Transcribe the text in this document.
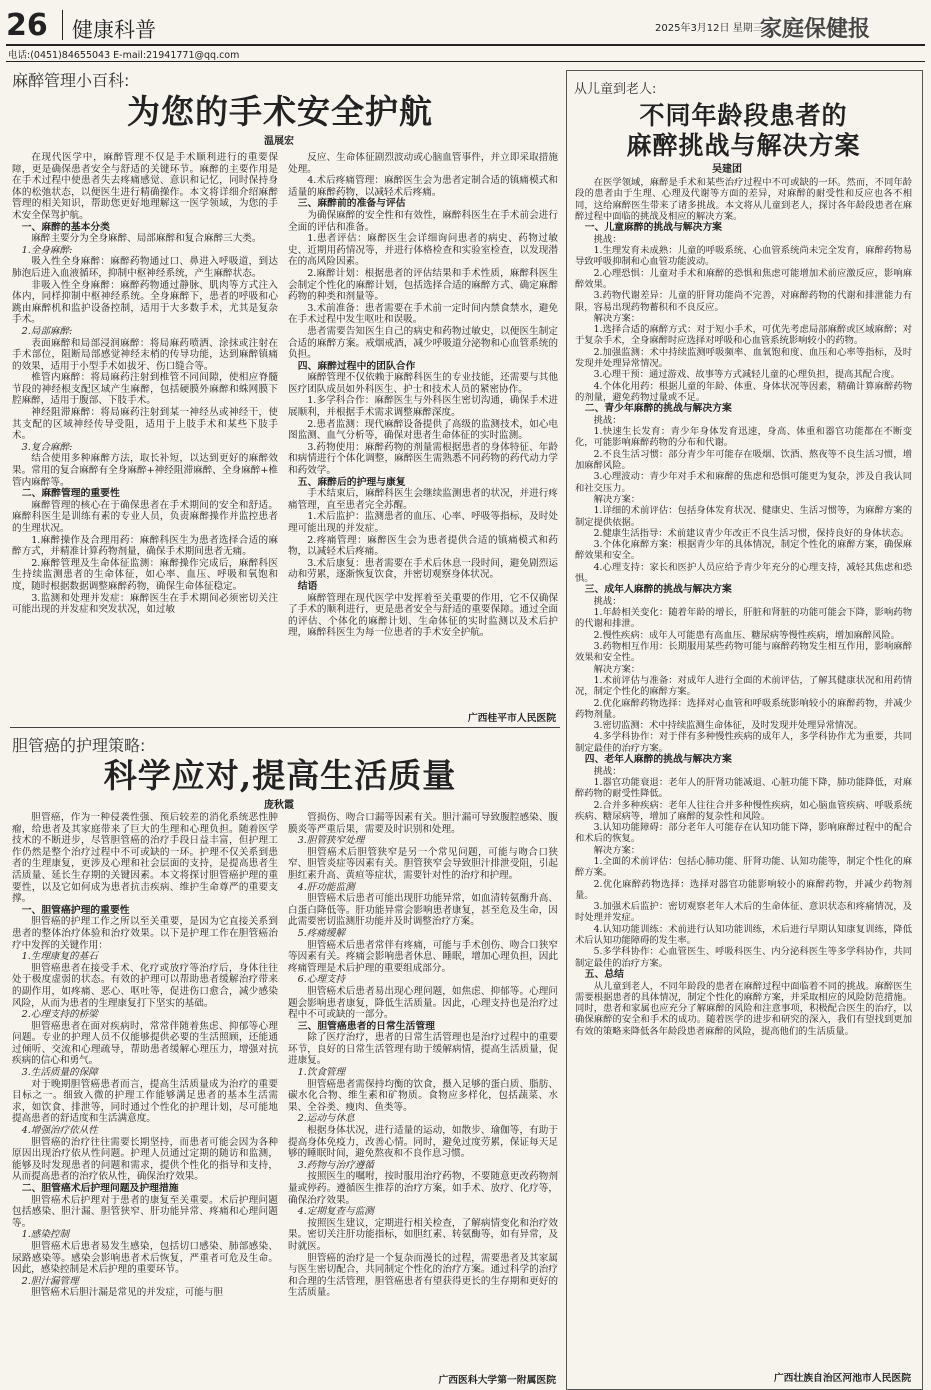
26 健康科普	2025年3月12日 星期三
家庭保健报
电话:(0451)84655043 E-mail:21941771@qq.com
麻醉管理小百科:
为您的手术安全护航
温展宏

在现代医学中，麻醉管理不仅是手术顺利进行的重要保障，更是确保患者安全与舒适的关键环节。麻醉的主要作用是在手术过程中使患者失去疼痛感觉、意识和记忆，同时保持身体的松弛状态，以便医生进行精确操作。本文将详细介绍麻醉管理的相关知识，帮助您更好地理解这一医学领域，为您的手术安全保驾护航。

一、麻醉的基本分类

麻醉主要分为全身麻醉、局部麻醉和复合麻醉三大类。

1.全身麻醉:

吸入性全身麻醉：麻醉药物通过口、鼻进入呼吸道，到达肺泡后进入血液循环，抑制中枢神经系统，产生麻醉状态。

非吸入性全身麻醉：麻醉药物通过静脉、肌肉等方式注入体内，同样抑制中枢神经系统。全身麻醉下，患者的呼吸和心跳由麻醉机和监护设备控制，适用于大多数手术，尤其是复杂手术。

2.局部麻醉:

表面麻醉和局部浸润麻醉：将局麻药喷洒、涂抹或注射在手术部位，阻断局部感觉神经末梢的传导功能，达到麻醉镇痛的效果，适用于小型手术如拔牙、伤口缝合等。

椎管内麻醉：将局麻药注射到椎管不同间隙，使相应脊髓节段的神经根支配区域产生麻醉，包括硬膜外麻醉和蛛网膜下腔麻醉，适用于腹部、下肢手术。

神经阻滞麻醉：将局麻药注射到某一神经丛或神经干，使其支配的区域神经传导受阻，适用于上肢手术和某些下肢手术。

3.复合麻醉:

结合使用多种麻醉方法，取长补短，以达到更好的麻醉效果。常用的复合麻醉有全身麻醉+神经阻滞麻醉、全身麻醉+椎管内麻醉等。

二、麻醉管理的重要性

麻醉管理的核心在于确保患者在手术期间的安全和舒适。麻醉科医生是训练有素的专业人员，负责麻醉操作并监控患者的生理状况。

1.麻醉操作及合理用药：麻醉科医生为患者选择合适的麻醉方式，并精准计算药物剂量，确保手术期间患者无痛。

2.麻醉管理及生命体征监测：麻醉操作完成后，麻醉科医生持续监测患者的生命体征，如心率、血压、呼吸和氧饱和度，随时根据数据调整麻醉药物，确保生命体征稳定。

3.监测和处理并发症：麻醉医生在手术期间必须密切关注可能出现的并发症和突发状况，如过敏

反应、生命体征剧烈波动或心脑血管事件，并立即采取措施处理。

4.术后疼痛管理：麻醉医生会为患者定制合适的镇痛模式和适量的麻醉药物，以减轻术后疼痛。

三、麻醉前的准备与评估

为确保麻醉的安全性和有效性，麻醉科医生在手术前会进行全面的评估和准备。

1.患者评估：麻醉医生会详细询问患者的病史、药物过敏史、近期用药情况等，并进行体格检查和实验室检查，以发现潜在的高风险因素。

2.麻醉计划：根据患者的评估结果和手术性质，麻醉科医生会制定个性化的麻醉计划，包括选择合适的麻醉方式、确定麻醉药物的种类和剂量等。

3.术前准备：患者需要在手术前一定时间内禁食禁水，避免在手术过程中发生呕吐和误吸。

患者需要告知医生自己的病史和药物过敏史，以便医生制定合适的麻醉方案。戒烟戒酒，减少呼吸道分泌物和心血管系统的负担。

四、麻醉过程中的团队合作

麻醉管理不仅依赖于麻醉科医生的专业技能，还需要与其他医疗团队成员如外科医生、护士和技术人员的紧密协作。

1.多学科合作：麻醉医生与外科医生密切沟通，确保手术进展顺利，并根据手术需求调整麻醉深度。

2.患者监测：现代麻醉设备提供了高级的监测技术，如心电图监测、血气分析等，确保对患者生命体征的实时监测。

3.药物使用：麻醉药物的剂量需根据患者的身体特征、年龄和病情进行个体化调整，麻醉医生需熟悉不同药物的药代动力学和药效学。

五、麻醉后的护理与康复

手术结束后，麻醉科医生会继续监测患者的状况，并进行疼痛管理，直至患者完全苏醒。

1.术后监护：监测患者的血压、心率、呼吸等指标，及时处理可能出现的并发症。

2.疼痛管理：麻醉医生会为患者提供合适的镇痛模式和药物，以减轻术后疼痛。

3.术后康复：患者需要在手术后休息一段时间，避免剧烈运动和劳累，逐渐恢复饮食，并密切观察身体状况。

结语

麻醉管理在现代医学中发挥着至关重要的作用，它不仅确保了手术的顺利进行，更是患者安全与舒适的重要保障。通过全面的评估、个体化的麻醉计划、生命体征的实时监测以及术后护理，麻醉科医生为每一位患者的手术安全护航。

广西桂平市人民医院
胆管癌的护理策略:
科学应对,提高生活质量
庞秋霞

胆管癌，作为一种侵袭性强、预后较差的消化系统恶性肿瘤，给患者及其家庭带来了巨大的生理和心理负担。随着医学技术的不断进步，尽管胆管癌的治疗手段日益丰富，但护理工作仍然是整个治疗过程中不可或缺的一环。护理不仅关系到患者的生理康复，更涉及心理和社会层面的支持，是提高患者生活质量、延长生存期的关键因素。本文将探讨胆管癌护理的重要性，以及它如何成为患者抗击疾病、维护生命尊严的重要支撑。

一、胆管癌护理的重要性

胆管癌的护理工作之所以至关重要，是因为它直接关系到患者的整体治疗体验和治疗效果。以下是护理工作在胆管癌治疗中发挥的关键作用：

1.生理康复的基石

胆管癌患者在接受手术、化疗或放疗等治疗后，身体往往处于极度虚弱的状态。有效的护理可以帮助患者缓解治疗带来的副作用，如疼痛、恶心、呕吐等，促进伤口愈合，减少感染风险，从而为患者的生理康复打下坚实的基础。

2.心理支持的桥梁

胆管癌患者在面对疾病时，常常伴随着焦虑、抑郁等心理问题。专业的护理人员不仅能够提供必要的生活照顾，还能通过倾听、交流和心理疏导，帮助患者缓解心理压力，增强对抗疾病的信心和勇气。

3.生活质量的保障

对于晚期胆管癌患者而言，提高生活质量成为治疗的重要目标之一。细致入微的护理工作能够满足患者的基本生活需求，如饮食、排泄等，同时通过个性化的护理计划，尽可能地提高患者的舒适度和生活满意度。

4.增强治疗依从性

胆管癌的治疗往往需要长期坚持，而患者可能会因为各种原因出现治疗依从性问题。护理人员通过定期的随访和监测，能够及时发现患者的问题和需求，提供个性化的指导和支持，从而提高患者的治疗依从性，确保治疗效果。

二、胆管癌术后护理问题及护理措施

胆管癌术后护理对于患者的康复至关重要。术后护理问题包括感染、胆汁漏、胆管狭窄、肝功能异常、疼痛和心理问题等。

1.感染控制

胆管癌术后患者易发生感染，包括切口感染、肺部感染、尿路感染等。感染会影响患者术后恢复，严重者可危及生命。因此，感染控制是术后护理的重要环节。

2.胆汁漏管理

胆管癌术后胆汁漏是常见的并发症，可能与胆

管损伤、吻合口漏等因素有关。胆汁漏可导致腹腔感染、腹膜炎等严重后果，需要及时识别和处理。

3.胆管狭窄处理

胆管癌术后胆管狭窄是另一个常见问题，可能与吻合口狭窄、胆管炎症等因素有关。胆管狭窄会导致胆汁排泄受阻，引起胆红素升高、黄疸等症状，需要针对性的治疗和护理。

4.肝功能监测

胆管癌术后患者可能出现肝功能异常，如血清转氨酶升高、白蛋白降低等。肝功能异常会影响患者康复，甚至危及生命，因此需要密切监测肝功能并及时调整治疗方案。

5.疼痛缓解

胆管癌术后患者常伴有疼痛，可能与手术创伤、吻合口狭窄等因素有关。疼痛会影响患者休息、睡眠，增加心理负担，因此疼痛管理是术后护理的重要组成部分。

6.心理支持

胆管癌术后患者易出现心理问题，如焦虑、抑郁等。心理问题会影响患者康复，降低生活质量。因此，心理支持也是治疗过程中不可或缺的一部分。

三、胆管癌患者的日常生活管理

除了医疗治疗，患者的日常生活管理也是治疗过程中的重要环节，良好的日常生活管理有助于缓解病情，提高生活质量，促进康复。

1.饮食管理

胆管癌患者需保持均衡的饮食，摄入足够的蛋白质、脂肪、碳水化合物、维生素和矿物质。食物应多样化，包括蔬菜、水果、全谷类、瘦肉、鱼类等。

2.运动与休息

根据身体状况，进行适量的运动，如散步、瑜伽等，有助于提高身体免疫力，改善心情。同时，避免过度劳累，保证每天足够的睡眠时间，避免熬夜和不良作息习惯。

3.药物与治疗遵循

按照医生的嘱咐，按时服用治疗药物，不要随意更改药物剂量或停药。遵循医生推荐的治疗方案，如手术、放疗、化疗等，确保治疗效果。

4.定期复查与监测

按照医生建议，定期进行相关检查，了解病情变化和治疗效果。密切关注肝功能指标，如胆红素、转氨酶等，如有异常，及时就医。

胆管癌的治疗是一个复杂而漫长的过程，需要患者及其家属与医生密切配合，共同制定个性化的治疗方案。通过科学的治疗和合理的生活管理，胆管癌患者有望获得更长的生存期和更好的生活质量。

广西医科大学第一附属医院
从儿童到老人:
不同年龄段患者的
麻醉挑战与解决方案
吴建团

在医学领域，麻醉是手术和某些治疗过程中不可或缺的一环。然而，不同年龄段的患者由于生理、心理及代谢等方面的差异，对麻醉的耐受性和反应也各不相同，这给麻醉医生带来了诸多挑战。本文将从儿童到老人，探讨各年龄段患者在麻醉过程中面临的挑战及相应的解决方案。

一、儿童麻醉的挑战与解决方案

挑战：

1.生理发育未成熟：儿童的呼吸系统、心血管系统尚未完全发育，麻醉药物易导致呼吸抑制和心血管功能波动。

2.心理恐惧：儿童对手术和麻醉的恐惧和焦虑可能增加术前应激反应，影响麻醉效果。

3.药物代谢差异：儿童的肝肾功能尚不完善，对麻醉药物的代谢和排泄能力有限，容易出现药物蓄积和不良反应。

解决方案：

1.选择合适的麻醉方式：对于短小手术，可优先考虑局部麻醉或区域麻醉；对于复杂手术，全身麻醉时应选择对呼吸和心血管系统影响较小的药物。

2.加强监测：术中持续监测呼吸频率、血氧饱和度、血压和心率等指标，及时发现并处理异常情况。

3.心理干预：通过游戏、故事等方式减轻儿童的心理负担，提高其配合度。

4.个体化用药：根据儿童的年龄、体重、身体状况等因素，精确计算麻醉药物的剂量，避免药物过量或不足。

二、青少年麻醉的挑战与解决方案

挑战：

1.快速生长发育：青少年身体发育迅速，身高、体重和器官功能都在不断变化，可能影响麻醉药物的分布和代谢。

2.不良生活习惯：部分青少年可能存在吸烟、饮酒、熬夜等不良生活习惯，增加麻醉风险。

3.心理波动：青少年对手术和麻醉的焦虑和恐惧可能更为复杂，涉及自我认同和社交压力。

解决方案：

1.详细的术前评估：包括身体发育状况、健康史、生活习惯等，为麻醉方案的制定提供依据。

2.健康生活指导：术前建议青少年改正不良生活习惯，保持良好的身体状态。

3.个体化麻醉方案：根据青少年的具体情况，制定个性化的麻醉方案，确保麻醉效果和安全。

4.心理支持：家长和医护人员应给予青少年充分的心理支持，减轻其焦虑和恐惧。

三、成年人麻醉的挑战与解决方案

挑战：

1.年龄相关变化：随着年龄的增长，肝脏和肾脏的功能可能会下降，影响药物的代谢和排泄。

2.慢性疾病：成年人可能患有高血压、糖尿病等慢性疾病，增加麻醉风险。

3.药物相互作用：长期服用某些药物可能与麻醉药物发生相互作用，影响麻醉效果和安全性。

解决方案：

1.术前评估与准备：对成年人进行全面的术前评估，了解其健康状况和用药情况，制定个性化的麻醉方案。

2.优化麻醉药物选择：选择对心血管和呼吸系统影响较小的麻醉药物，并减少药物剂量。

3.密切监测：术中持续监测生命体征，及时发现并处理异常情况。

4.多学科协作：对于伴有多种慢性疾病的成年人，多学科协作尤为重要，共同制定最佳的治疗方案。

四、老年人麻醉的挑战与解决方案

挑战：

1.器官功能衰退：老年人的肝肾功能减退、心脏功能下降，肺功能降低，对麻醉药物的耐受性降低。

2.合并多种疾病：老年人往往合并多种慢性疾病，如心脑血管疾病、呼吸系统疾病、糖尿病等，增加了麻醉的复杂性和风险。

3.认知功能障碍：部分老年人可能存在认知功能下降，影响麻醉过程中的配合和术后的恢复。

解决方案：

1.全面的术前评估：包括心肺功能、肝肾功能、认知功能等，制定个性化的麻醉方案。

2.优化麻醉药物选择：选择对器官功能影响较小的麻醉药物，并减少药物剂量。

3.加强术后监护：密切观察老年人术后的生命体征、意识状态和疼痛情况，及时处理并发症。

4.认知功能训练：术前进行认知功能训练，术后进行早期认知康复训练，降低术后认知功能障碍的发生率。

5.多学科协作：心血管医生、呼吸科医生、内分泌科医生等多学科协作，共同制定最佳的治疗方案。

五、总结

从儿童到老人，不同年龄段的患者在麻醉过程中面临着不同的挑战。麻醉医生需要根据患者的具体情况，制定个性化的麻醉方案，并采取相应的风险防范措施。同时，患者和家属也应充分了解麻醉的风险和注意事项，积极配合医生的治疗，以确保麻醉的安全和手术的成功。随着医学的进步和研究的深入，我们有望找到更加有效的策略来降低各年龄段患者麻醉的风险，提高他们的生活质量。

广西壮族自治区河池市人民医院
